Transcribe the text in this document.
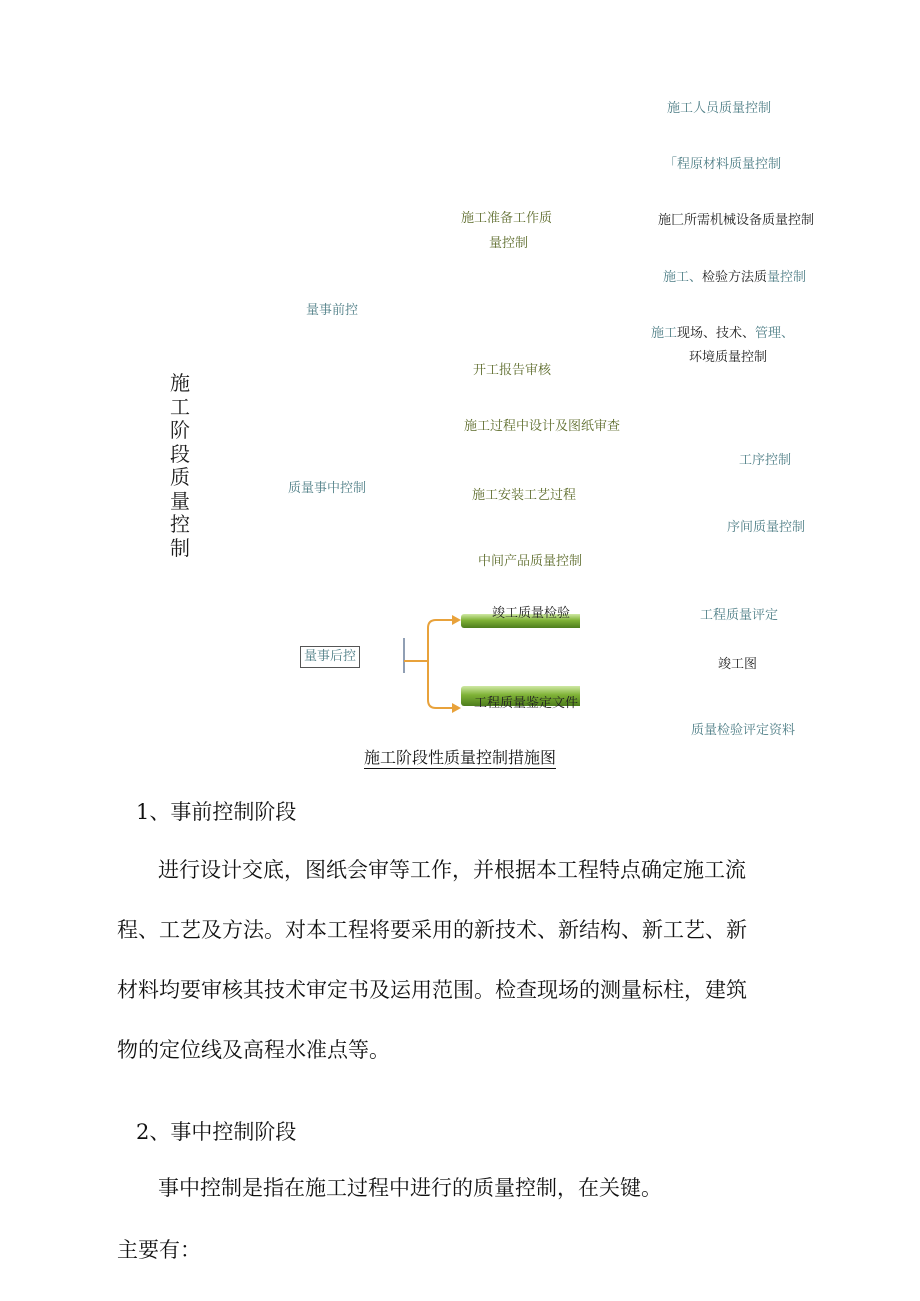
施工阶段质量控制
量事前控
质量事中控制
量事后控
施工准备工作质
量控制
开工报告审核
施工人员质量控制
「程原材料质量控制
施匚所需机械设备质量控制
施工、检验方法质量控制
施工现场、技术、管理、
环境质量控制
施工过程中设计及图纸审查
施工安装工艺过程
中间产品质量控制
工序控制
序间质量控制
竣工质量检验
工程质量鉴定文件
工程质量评定
竣工图
质量检验评定资料
施工阶段性质量控制措施图
1、事前控制阶段
进行设计交底，图纸会审等工作，并根据本工程特点确定施工流
程、工艺及方法。对本工程将要采用的新技术、新结构、新工艺、新
材料均要审核其技术审定书及运用范围。检查现场的测量标柱，建筑
物的定位线及高程水准点等。
2、事中控制阶段
事中控制是指在施工过程中进行的质量控制，在关键。
主要有：
